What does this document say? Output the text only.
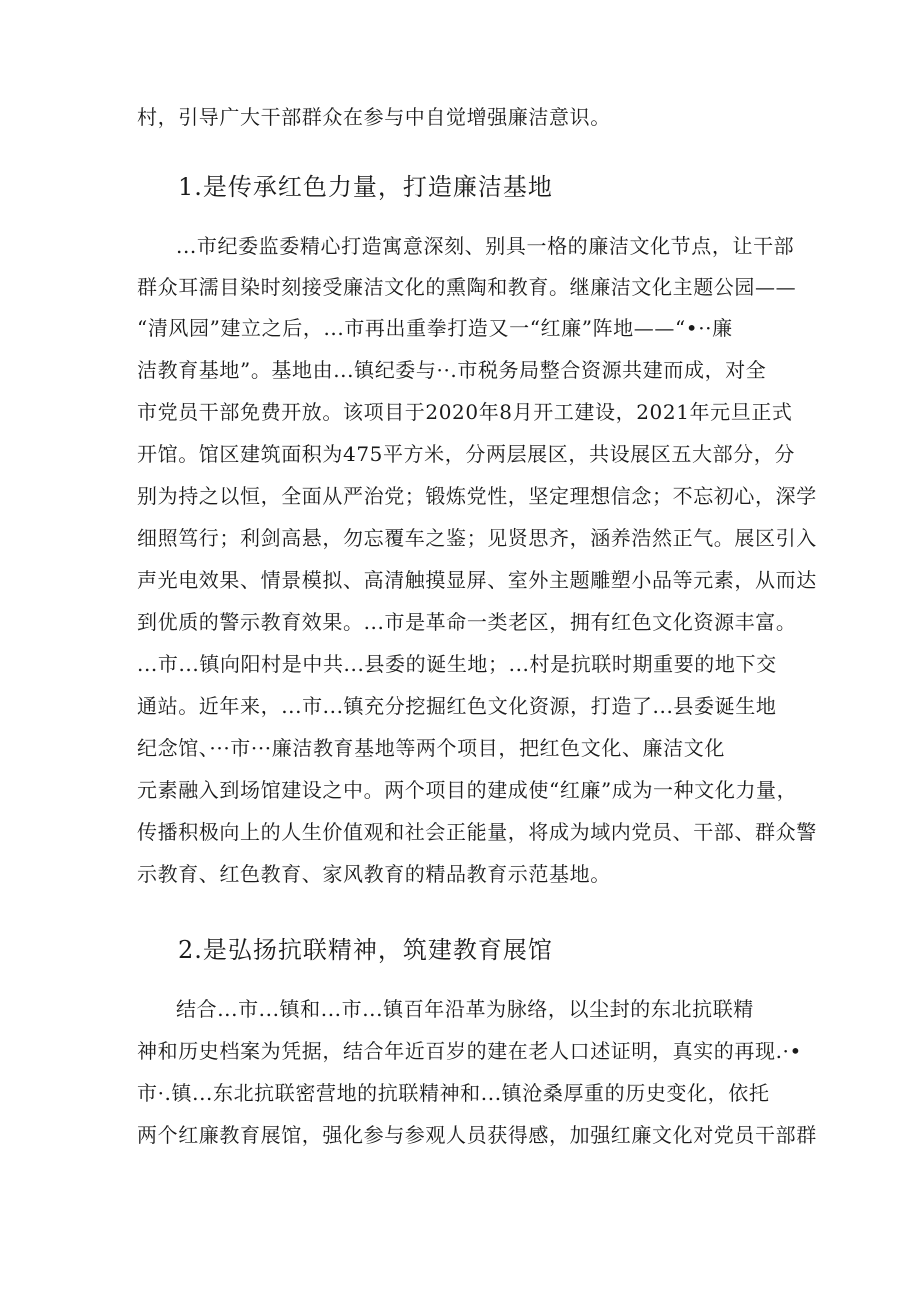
村，引导广大干部群众在参与中自觉增强廉洁意识。
1.是传承红色力量，打造廉洁基地
...市纪委监委精心打造寓意深刻、别具一格的廉洁文化节点，让干部
群众耳濡目染时刻接受廉洁文化的熏陶和教育。继廉洁文化主题公园——
“清风园”建立之后，...市再出重拳打造又一“红廉”阵地——“•··廉
洁教育基地”。基地由...镇纪委与··.市税务局整合资源共建而成，对全
市党员干部免费开放。该项目于2020年8月开工建设，2021年元旦正式
开馆。馆区建筑面积为475平方米，分两层展区，共设展区五大部分，分
别为持之以恒，全面从严治党；锻炼党性，坚定理想信念；不忘初心，深学
细照笃行；利剑高悬，勿忘覆车之鉴；见贤思齐，涵养浩然正气。展区引入
声光电效果、情景模拟、高清触摸显屏、室外主题雕塑小品等元素，从而达
到优质的警示教育效果。...市是革命一类老区，拥有红色文化资源丰富。
...市...镇向阳村是中共...县委的诞生地；...村是抗联时期重要的地下交
通站。近年来，...市...镇充分挖掘红色文化资源，打造了...县委诞生地
纪念馆、···市···廉洁教育基地等两个项目，把红色文化、廉洁文化
元素融入到场馆建设之中。两个项目的建成使“红廉”成为一种文化力量，
传播积极向上的人生价值观和社会正能量，将成为域内党员、干部、群众警
示教育、红色教育、家风教育的精品教育示范基地。
2.是弘扬抗联精神，筑建教育展馆
结合...市...镇和...市...镇百年沿革为脉络，以尘封的东北抗联精
神和历史档案为凭据，结合年近百岁的建在老人口述证明，真实的再现.·•
市·.镇...东北抗联密营地的抗联精神和...镇沧桑厚重的历史变化，依托
两个红廉教育展馆，强化参与参观人员获得感，加强红廉文化对党员干部群
